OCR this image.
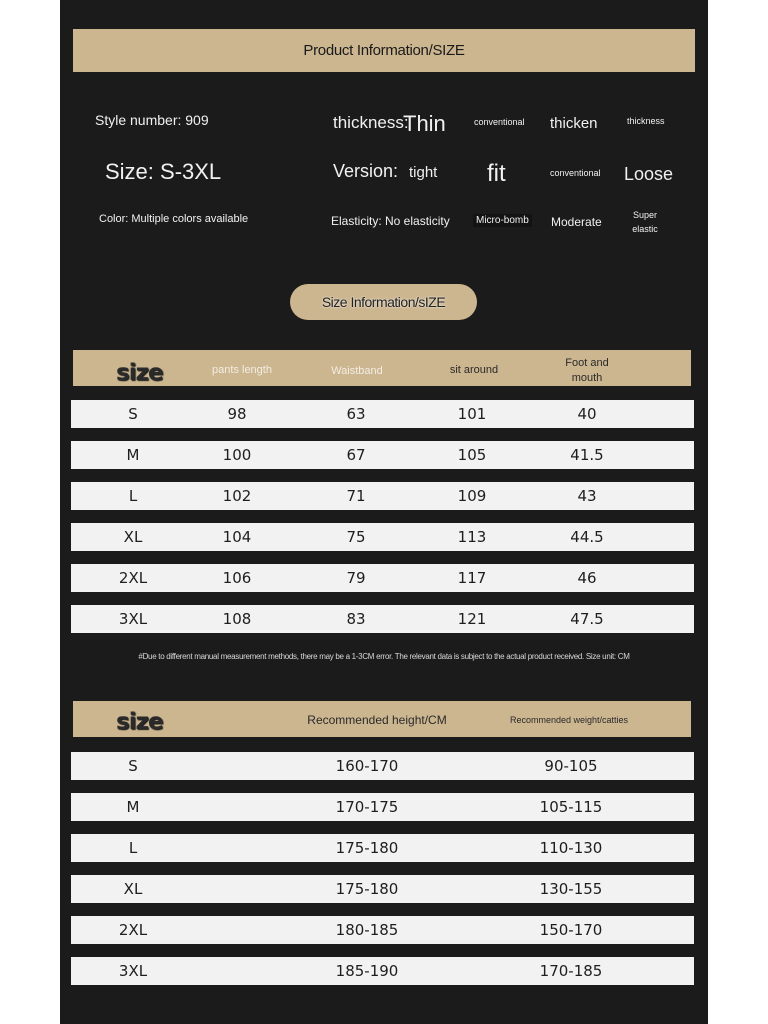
Product Information/SIZE
Style number: 909
Size: S-3XL
Color: Multiple colors available
thickness:
Thin	conventional thicken	thickness
Version: tight fit	conventional Loose
Elasticity: No elasticity	Micro-bomb Moderate	Super
elastic
Size Information/sIZE
size	pants length	Waistband	sit around
Foot and
mouth
S	98	63	101	40
M	100	67	105	41.5
L	102	71	109	43
XL	104	75	113	44.5
2XL	106	79	117	46
3XL	108	83	121	47.5
#Due to different manual measurement methods, there may be a 1-3CM error. The relevant data is subject to the actual product received. Size unit: CM
size	Recommended height/CM	Recommended weight/catties
S	160-170	90-105
M	170-175	105-115
L	175-180	110-130
XL	175-180	130-155
2XL	180-185	150-170
3XL	185-190	170-185
